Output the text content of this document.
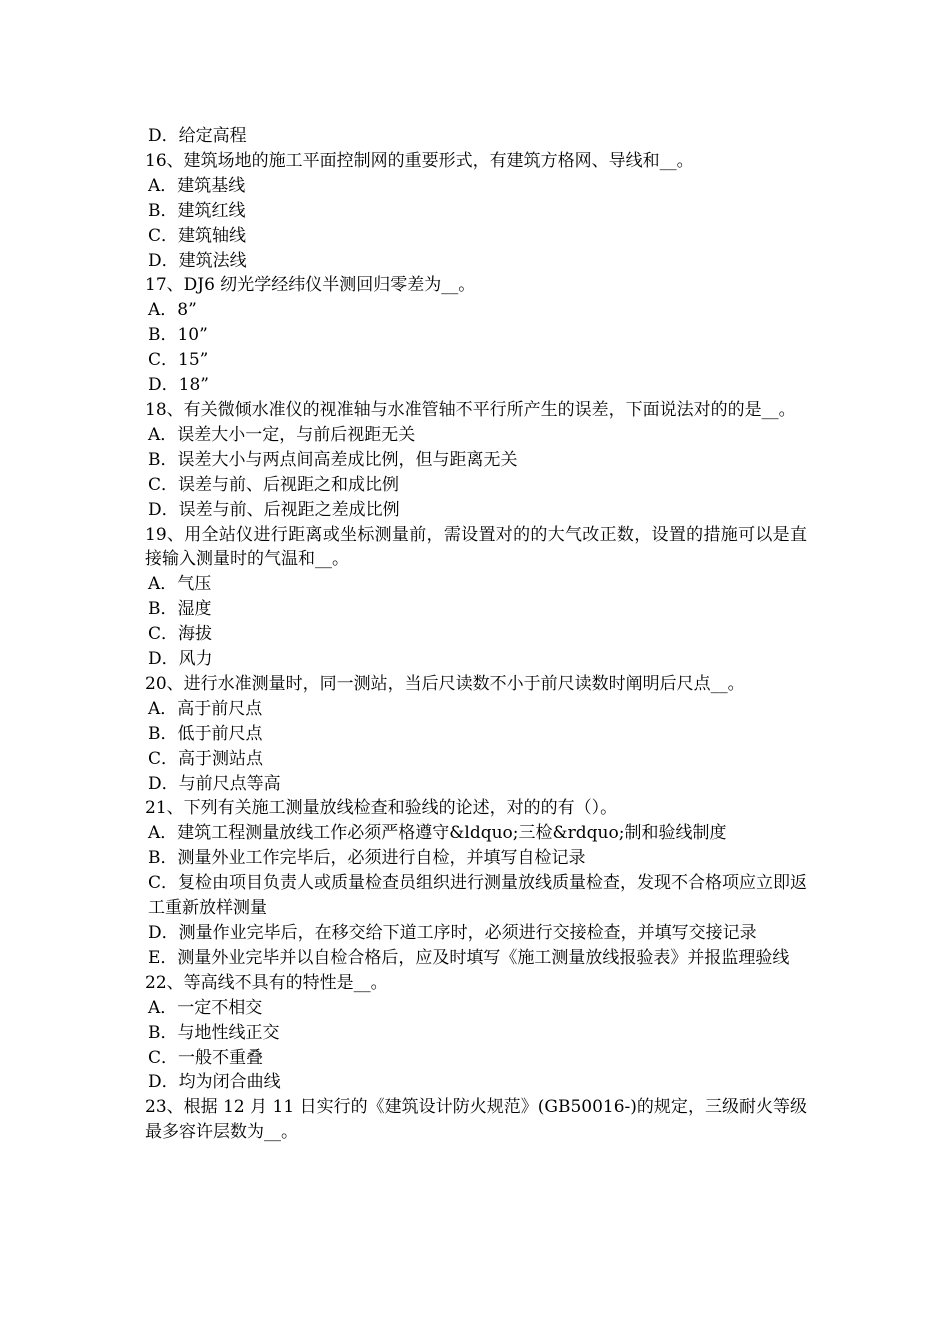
D．给定高程

16、建筑场地的施工平面控制网的重要形式，有建筑方格网、导线和__。

A．建筑基线

B．建筑红线

C．建筑轴线

D．建筑法线

17、DJ6 纫光学经纬仪半测回归零差为__。

A．8”

B．10”

C．15”

D．18”

18、有关微倾水准仪的视准轴与水准管轴不平行所产生的误差，下面说法对的的是__。

A．误差大小一定，与前后视距无关

B．误差大小与两点间高差成比例，但与距离无关

C．误差与前、后视距之和成比例

D．误差与前、后视距之差成比例

19、用全站仪进行距离或坐标测量前，需设置对的的大气改正数，设置的措施可以是直接输入测量时的气温和__。

A．气压

B．湿度

C．海拔

D．风力

20、进行水准测量时，同一测站，当后尺读数不小于前尺读数时阐明后尺点__。

A．高于前尺点

B．低于前尺点

C．高于测站点

D．与前尺点等高

21、下列有关施工测量放线检查和验线的论述，对的的有（）。

A．建筑工程测量放线工作必须严格遵守&ldquo;三检&rdquo;制和验线制度

B．测量外业工作完毕后，必须进行自检，并填写自检记录

C．复检由项目负责人或质量检查员组织进行测量放线质量检查，发现不合格项应立即返工重新放样测量

D．测量作业完毕后，在移交给下道工序时，必须进行交接检查，并填写交接记录

E．测量外业完毕并以自检合格后，应及时填写《施工测量放线报验表》并报监理验线

22、等高线不具有的特性是__。

A．一定不相交

B．与地性线正交

C．一般不重叠

D．均为闭合曲线

23、根据 12 月 11 日实行的《建筑设计防火规范》(GB50016-)的规定，三级耐火等级最多容许层数为__。
